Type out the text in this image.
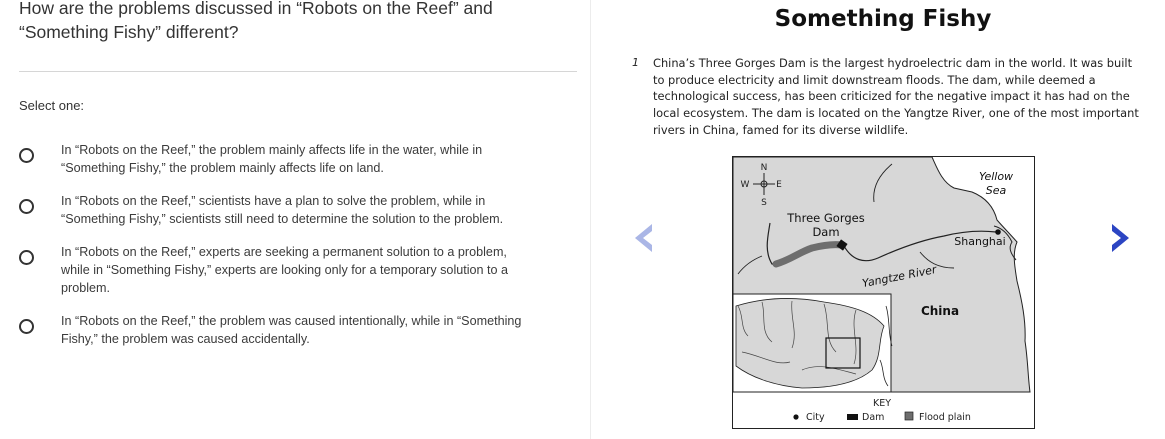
How are the problems discussed in “Robots on the Reef” and “Something Fishy” different?
Select one:
In “Robots on the Reef,” the problem mainly affects life in the water, while in “Something Fishy,” the problem mainly affects life on land.
In “Robots on the Reef,” scientists have a plan to solve the problem, while in “Something Fishy,” scientists still need to determine the solution to the problem.
In “Robots on the Reef,” experts are seeking a permanent solution to a problem, while in “Something Fishy,” experts are looking only for a temporary solution to a problem.
In “Robots on the Reef,” the problem was caused intentionally, while in “Something Fishy,” the problem was caused accidentally.
Something Fishy
1 China’s Three Gorges Dam is the largest hydroelectric dam in the world. It was built to produce electricity and limit downstream floods. The dam, while deemed a technological success, has been criticized for the negative impact it has had on the local ecosystem. The dam is located on the Yangtze River, one of the most important rivers in China, famed for its diverse wildlife.

N
S
E
W
Three Gorges
Dam
Yellow
Sea
Shanghai
Yangtze River
China
KEY
City	Dam	Flood plain
